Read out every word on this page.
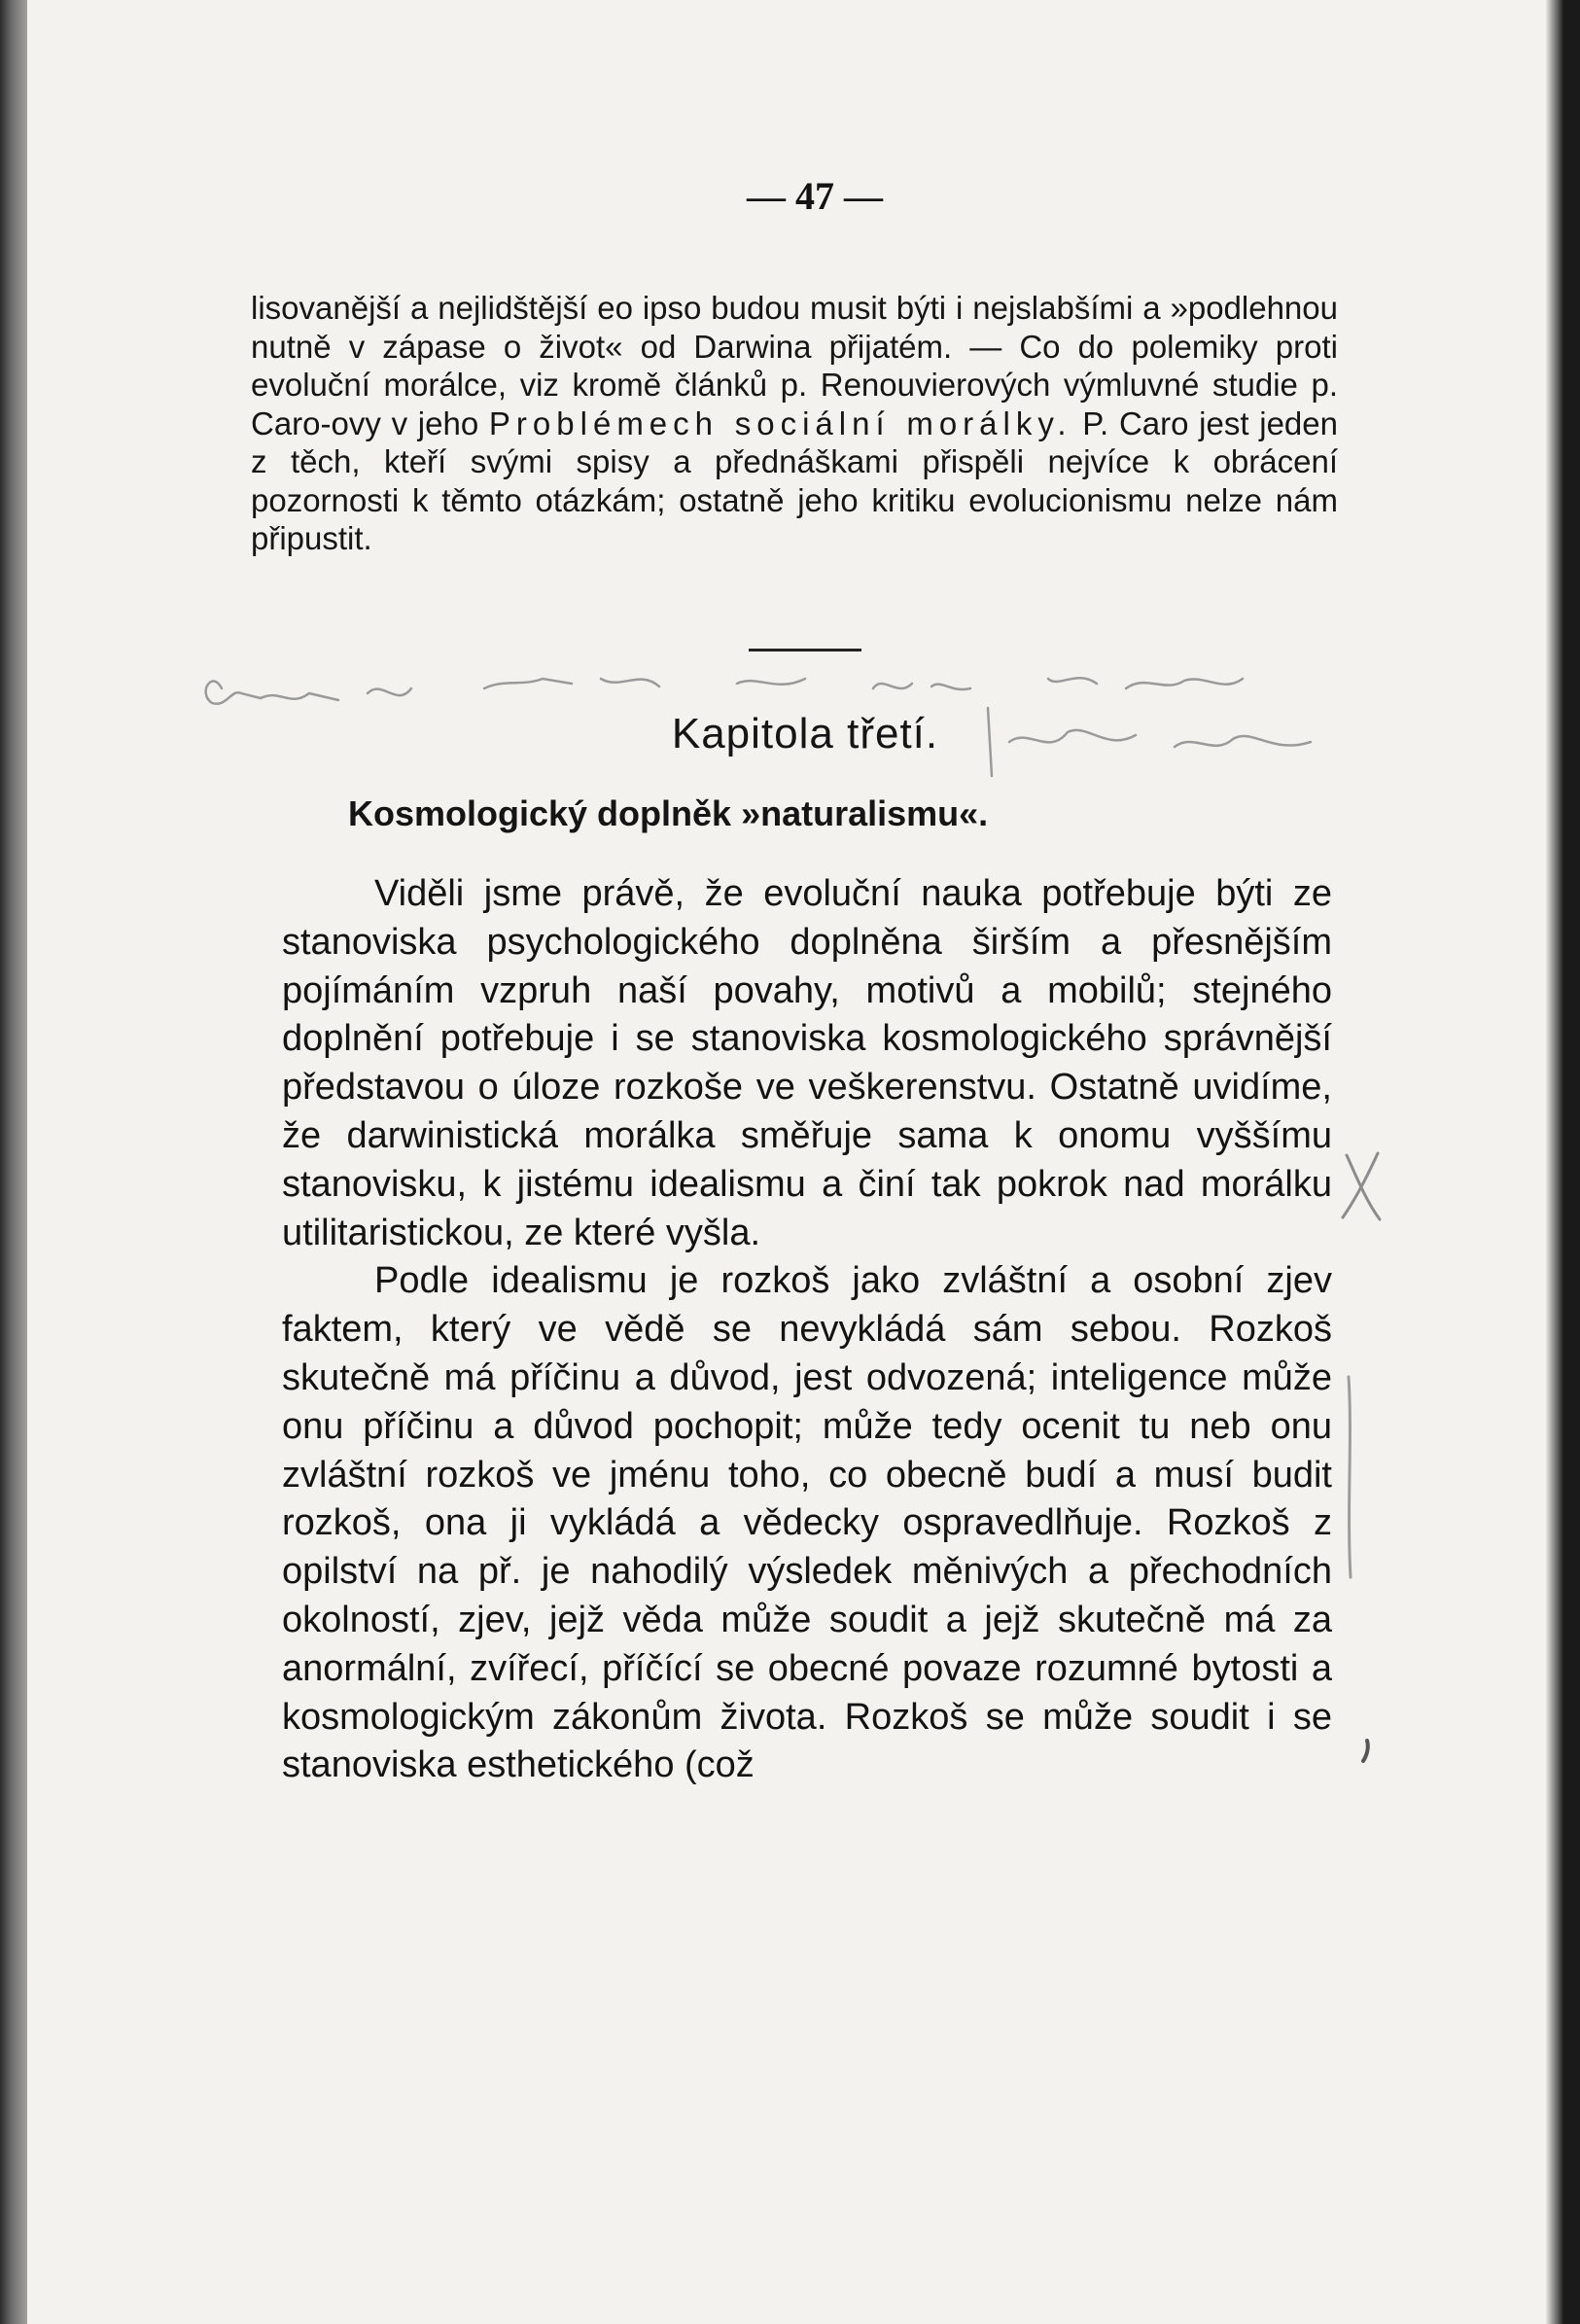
— 47 —
lisovanější a nejlidštější eo ipso budou musit býti i nejslabšími a »podlehnou nutně v zápase o život« od Darwina přijatém. — Co do polemiky proti evoluční morálce, viz kromě článků p. Renouvierových výmluvné studie p. Caro-ovy v jeho Problémech sociální morálky. P. Caro jest jeden z těch, kteří svými spisy a přednáškami přispěli nejvíce k obrácení pozornosti k těmto otázkám; ostatně jeho kritiku evolucionismu nelze nám připustit.
Kapitola třetí.
Kosmologický doplněk »naturalismu«.

Viděli jsme právě, že evoluční nauka potřebuje býti ze stanoviska psychologického doplněna širším a přesnějším pojímáním vzpruh naší povahy, motivů a mobilů; stejného doplnění potřebuje i se stanoviska kosmologického správnější představou o úloze rozkoše ve veškerenstvu. Ostatně uvidíme, že darwinistická morálka směřuje sama k onomu vyššímu stanovisku, k jistému idealismu a činí tak pokrok nad morálku utilitaristickou, ze které vyšla.

Podle idealismu je rozkoš jako zvláštní a osobní zjev faktem, který ve vědě se nevykládá sám sebou. Rozkoš skutečně má příčinu a důvod, jest odvozená; inteligence může onu příčinu a důvod pochopit; může tedy ocenit tu neb onu zvláštní rozkoš ve jménu toho, co obecně budí a musí budit rozkoš, ona ji vykládá a vědecky ospravedlňuje. Rozkoš z opilství na př. je nahodilý výsledek měnivých a přechodních okolností, zjev, jejž věda může soudit a jejž skutečně má za anormální, zvířecí, příčící se obecné povaze rozumné bytosti a kosmologickým zákonům života. Rozkoš se může soudit i se stanoviska esthetického (což
